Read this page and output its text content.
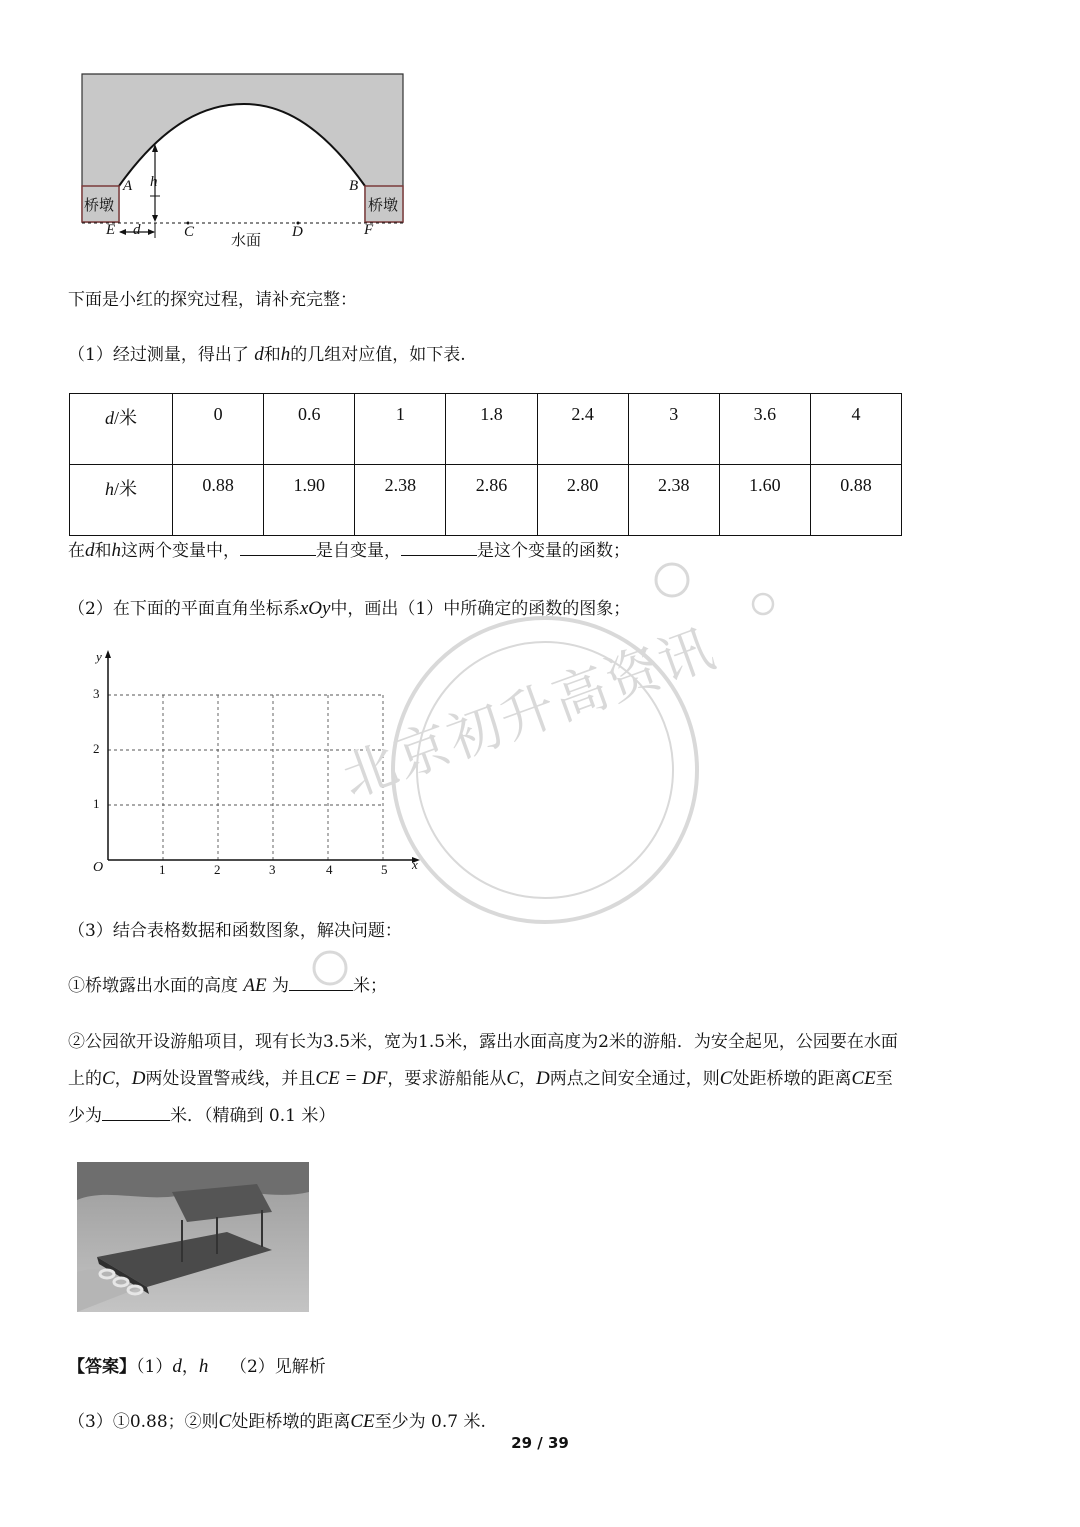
桥墩	桥墩
A	B
h
E d	C 水面 D	F
下面是小红的探究过程，请补充完整：
（1）经过测量，得出了 d和h的几组对应值，如下表.
d/米	0	0.6	1	1.8	2.4	3	3.6	4
h/米	0.88	1.90	2.38	2.86	2.80	2.38	1.60	0.88
在d和h这两个变量中，	是自变量，	是这个变量的函数；
（2）在下面的平面直角坐标系xOy中，画出（1）中所确定的函数的图象；
y
3
2
1
O	1	2	3	4	5 x
（3）结合表格数据和函数图象，解决问题：
①桥墩露出水面的高度 AE 为	米；
②公园欲开设游船项目，现有长为3.5米，宽为1.5米，露出水面高度为2米的游船．为安全起见，公园要在水面
上的C，D两处设置警戒线，并且CE = DF，要求游船能从C，D两点之间安全通过，则C处距桥墩的距离CE至
少为	米．（精确到 0.1 米）
【答案】（1）d，h （2）见解析
（3）①0.88；②则C处距桥墩的距离CE至少为 0.7 米.
北京初升高资讯
29 / 39
